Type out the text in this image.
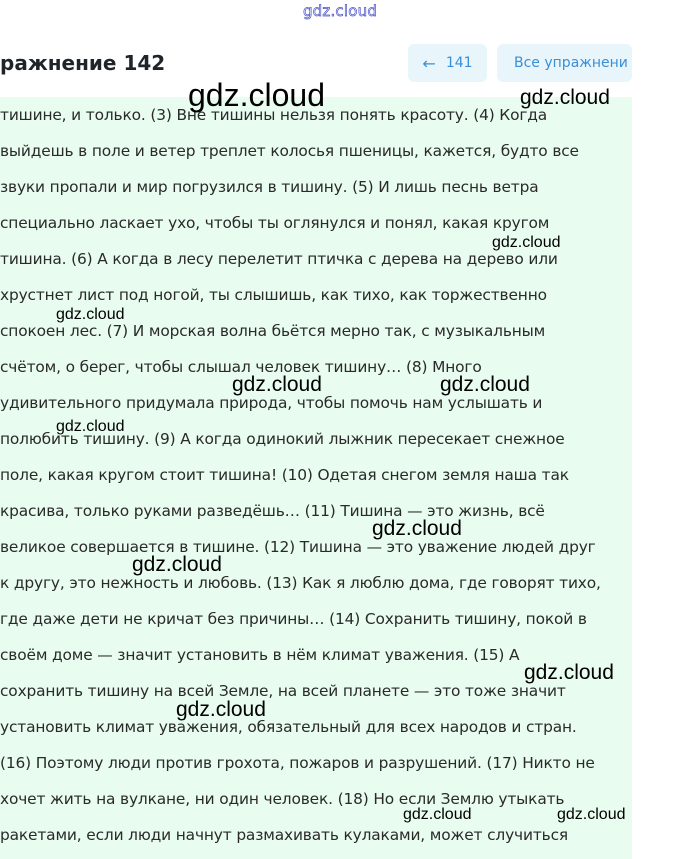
gdz.cloud
ражнение 142	← 141	Все упражнени
тишине, и только. (3) Вне тишины нельзя понять красоту. (4) Когда
выйдешь в поле и ветер треплет колосья пшеницы, кажется, будто все
звуки пропали и мир погрузился в тишину. (5) И лишь песнь ветра
специально ласкает ухо, чтобы ты оглянулся и понял, какая кругом
тишина. (6) А когда в лесу перелетит птичка с дерева на дерево или
хрустнет лист под ногой, ты слышишь, как тихо, как торжественно
спокоен лес. (7) И морская волна бьётся мерно так, с музыкальным
счётом, о берег, чтобы слышал человек тишину… (8) Много
удивительного придумала природа, чтобы помочь нам услышать и
полюбить тишину. (9) А когда одинокий лыжник пересекает снежное
поле, какая кругом стоит тишина! (10) Одетая снегом земля наша так
красива, только руками разведёшь… (11) Тишина — это жизнь, всё
великое совершается в тишине. (12) Тишина — это уважение людей друг
к другу, это нежность и любовь. (13) Как я люблю дома, где говорят тихо,
где даже дети не кричат без причины… (14) Сохранить тишину, покой в
своём доме — значит установить в нём климат уважения. (15) А
сохранить тишину на всей Земле, на всей планете — это тоже значит
установить климат уважения, обязательный для всех народов и стран.
(16) Поэтому люди против грохота, пожаров и разрушений. (17) Никто не
хочет жить на вулкане, ни один человек. (18) Но если Землю утыкать
ракетами, если люди начнут размахивать кулаками, может случиться
gdz.cloud	gdz.cloud
gdz.cloud
gdz.cloud
gdz.cloud	gdz.cloud
gdz.cloud
gdz.cloud
gdz.cloud
gdz.cloud
gdz.cloud
gdz.cloud	gdz.cloud
